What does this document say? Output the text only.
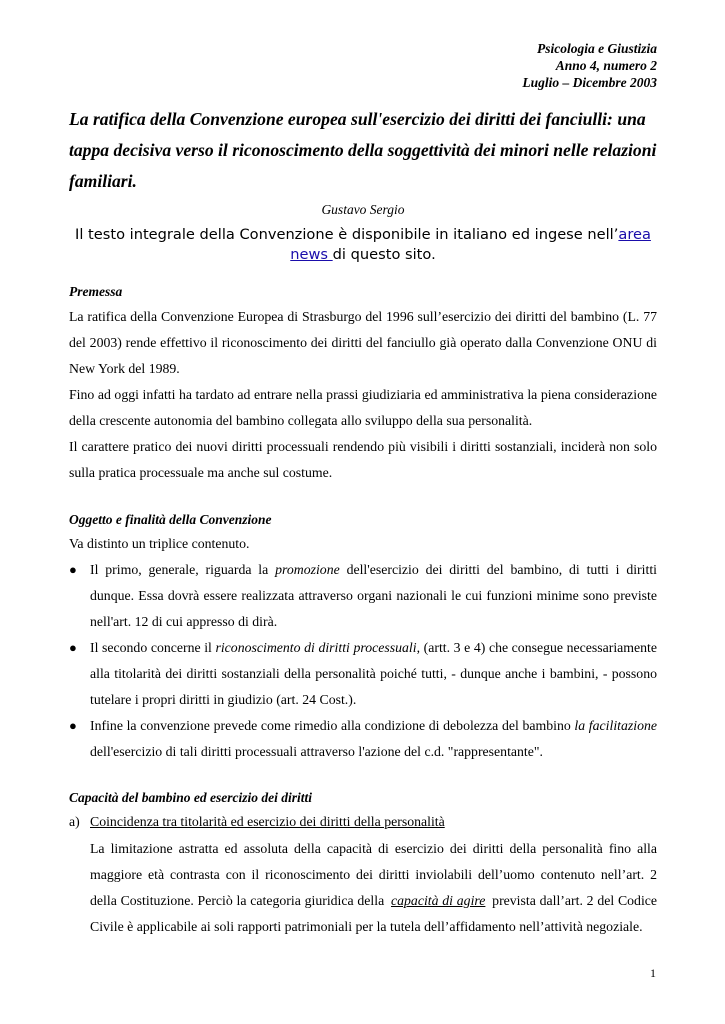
Psicologia e Giustizia
Anno 4, numero 2
Luglio – Dicembre 2003
La ratifica della Convenzione europea sull'esercizio dei diritti dei fanciulli: una tappa decisiva verso il riconoscimento della soggettività dei minori nelle relazioni familiari.
Gustavo Sergio
Il testo integrale della Convenzione è disponibile in italiano ed ingese nell’area news di questo sito.
Premessa

La ratifica della Convenzione Europea di Strasburgo del 1996 sull’esercizio dei diritti del bambino (L. 77 del 2003) rende effettivo il riconoscimento dei diritti del fanciullo già operato dalla Convenzione ONU di New York del 1989.

Fino ad oggi infatti ha tardato ad entrare nella prassi giudiziaria ed amministrativa la piena considerazione della crescente autonomia del bambino collegata allo sviluppo della sua personalità.

Il carattere pratico dei nuovi diritti processuali rendendo più visibili i diritti sostanziali, inciderà non solo sulla pratica processuale ma anche sul costume.

Oggetto e finalità della Convenzione

Va distinto un triplice contenuto.

● Il primo, generale, riguarda la promozione dell'esercizio dei diritti del bambino, di tutti i diritti dunque. Essa dovrà essere realizzata attraverso organi nazionali le cui funzioni minime sono previste nell'art. 12 di cui appresso di dirà.

● Il secondo concerne il riconoscimento di diritti processuali, (artt. 3 e 4) che consegue necessariamente alla titolarità dei diritti sostanziali della personalità poiché tutti, - dunque anche i bambini, - possono tutelare i propri diritti in giudizio (art. 24 Cost.).

● Infine la convenzione prevede come rimedio alla condizione di debolezza del bambino la facilitazione dell'esercizio di tali diritti processuali attraverso l'azione del c.d. "rappresentante".

Capacità del bambino ed esercizio dei diritti
a) Coincidenza tra titolarità ed esercizio dei diritti della personalità

La limitazione astratta ed assoluta della capacità di esercizio dei diritti della personalità fino alla maggiore età contrasta con il riconoscimento dei diritti inviolabili dell’uomo contenuto nell’art. 2 della Costituzione. Perciò la categoria giuridica della capacità di agire prevista dall’art. 2 del Codice Civile è applicabile ai soli rapporti patrimoniali per la tutela dell’affidamento nell’attività negoziale.

1
